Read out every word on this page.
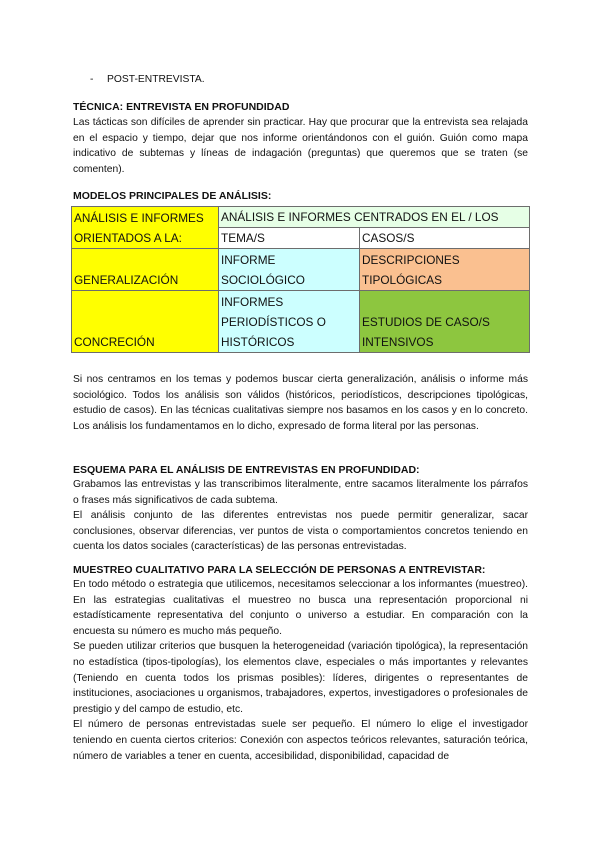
- POST-ENTREVISTA.

TÉCNICA: ENTREVISTA EN PROFUNDIDAD

Las tácticas son difíciles de aprender sin practicar. Hay que procurar que la entrevista sea relajada en el espacio y tiempo, dejar que nos informe orientándonos con el guión. Guión como mapa indicativo de subtemas y líneas de indagación (preguntas) que queremos que se traten (se comenten).

MODELOS PRINCIPALES DE ANÁLISIS:

ANÁLISIS E INFORMES	ANÁLISIS E INFORMES CENTRADOS EN EL / LOS	
ORIENTADOS A LA:	TEMA/S	CASOS/S
GENERALIZACIÓN	INFORME SOCIOLÓGICO	DESCRIPCIONES TIPOLÓGICAS

CONCRECIÓN	INFORMES PERIODÍSTICOS O HISTÓRICOS	ESTUDIOS DE CASO/S INTENSIVOS

Si nos centramos en los temas y podemos buscar cierta generalización, análisis o informe más sociológico. Todos los análisis son válidos (históricos, periodísticos, descripciones tipológicas, estudio de casos). En las técnicas cualitativas siempre nos basamos en los casos y en lo concreto. Los análisis los fundamentamos en lo dicho, expresado de forma literal por las personas.

ESQUEMA PARA EL ANÁLISIS DE ENTREVISTAS EN PROFUNDIDAD:

Grabamos las entrevistas y las transcribimos literalmente, entre sacamos literalmente los párrafos o frases más significativos de cada subtema.

El análisis conjunto de las diferentes entrevistas nos puede permitir generalizar, sacar conclusiones, observar diferencias, ver puntos de vista o comportamientos concretos teniendo en cuenta los datos sociales (características) de las personas entrevistadas.

MUESTREO CUALITATIVO PARA LA SELECCIÓN DE PERSONAS A ENTREVISTAR:

En todo método o estrategia que utilicemos, necesitamos seleccionar a los informantes (muestreo). En las estrategias cualitativas el muestreo no busca una representación proporcional ni estadísticamente representativa del conjunto o universo a estudiar. En comparación con la encuesta su número es mucho más pequeño.

Se pueden utilizar criterios que busquen la heterogeneidad (variación tipológica), la representación no estadística (tipos-tipologías), los elementos clave, especiales o más importantes y relevantes (Teniendo en cuenta todos los prismas posibles): líderes, dirigentes o representantes de instituciones, asociaciones u organismos, trabajadores, expertos, investigadores o profesionales de prestigio y del campo de estudio, etc.

El número de personas entrevistadas suele ser pequeño. El número lo elige el investigador teniendo en cuenta ciertos criterios: Conexión con aspectos teóricos relevantes, saturación teórica, número de variables a tener en cuenta, accesibilidad, disponibilidad, capacidad de
